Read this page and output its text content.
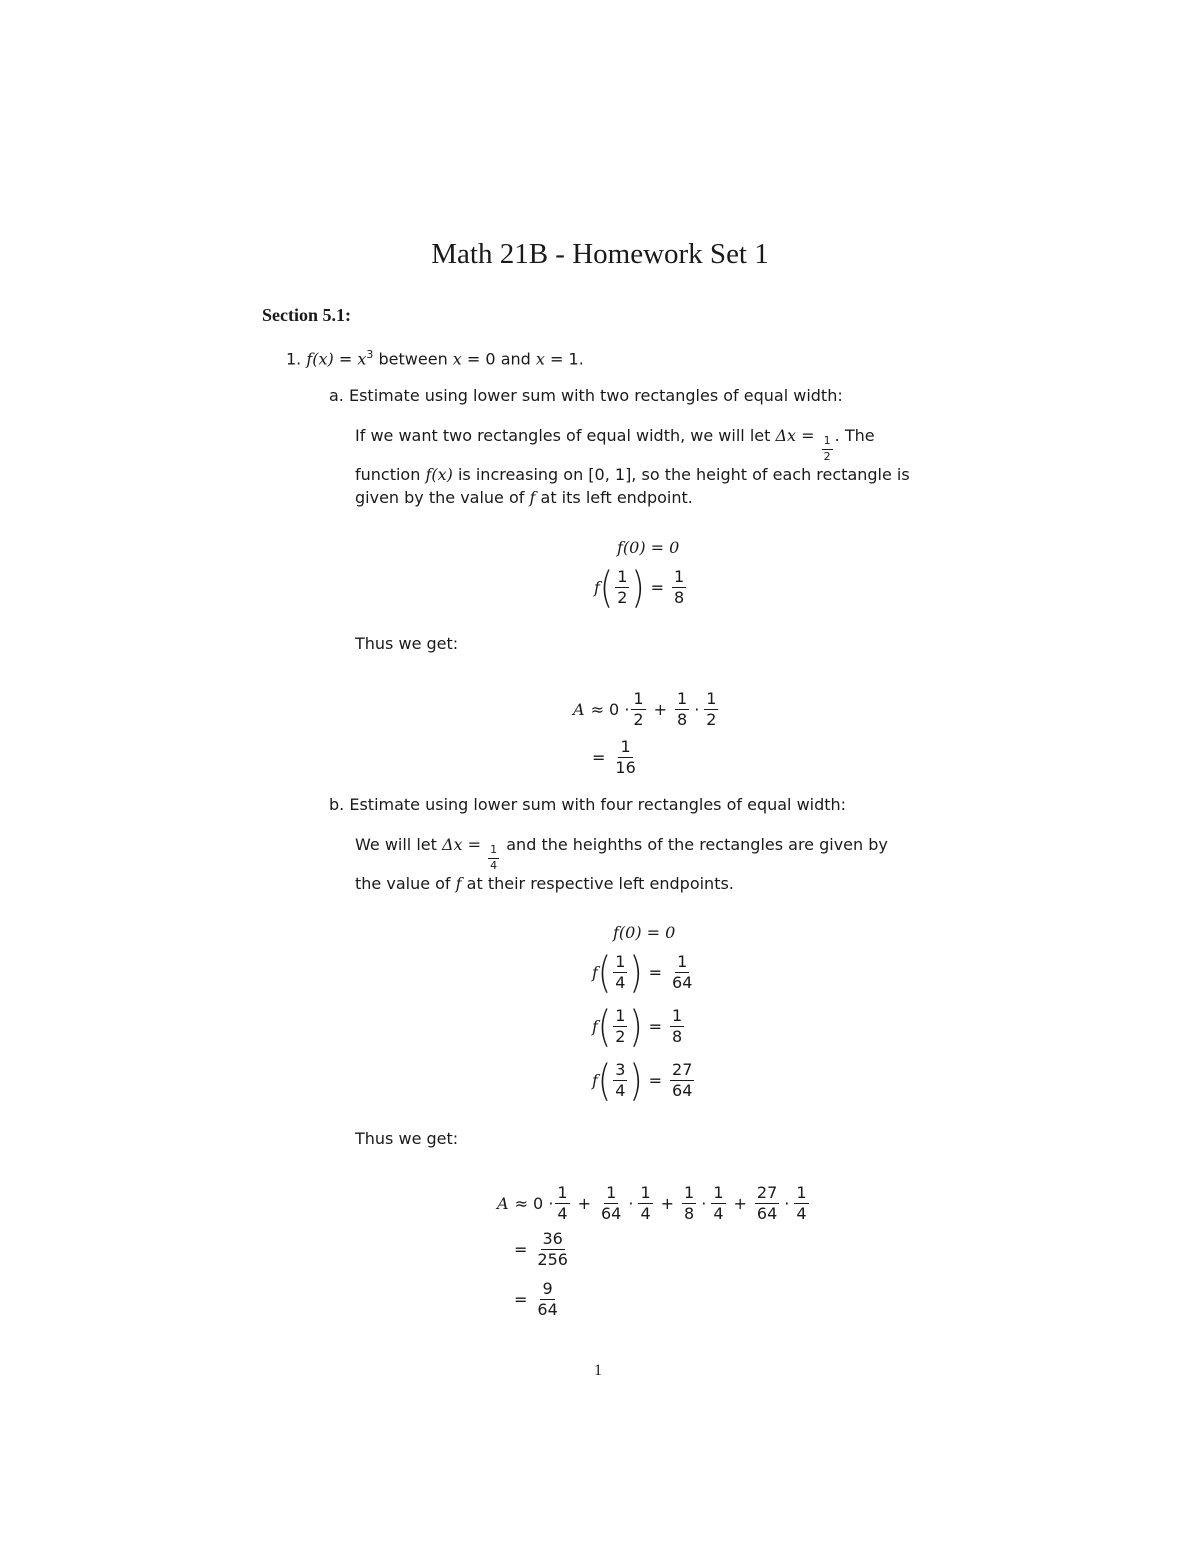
Math 21B - Homework Set 1
Section 5.1:
1. $f(x) = x^3$ between x = 0 and x = 1.
a. Estimate using lower sum with two rectangles of equal width:
If we want two rectangles of equal width, we will let $\Delta x = \frac{1}{2}$ . The
function f(x) is increasing on [0, 1], so the height of each rectangle is
given by the value of f at its left endpoint.
f(0) = 0
f ( $\frac{1}{2}$ ) = $\frac{1}{8}$
Thus we get:
$A \approx 0 \cdot \frac{1}{2} + \frac{1}{8} \cdot \frac{1}{2}$
= $\frac{1}{16}$
b. Estimate using lower sum with four rectangles of equal width:
We will let $\Delta x = \frac{1}{4}$ and the heighths of the rectangles are given by
the value of f at their respective left endpoints.
f(0) = 0
f ( $\frac{1}{4}$ ) = $\frac{1}{64}$
f ( $\frac{1}{2}$ ) = $\frac{1}{8}$
f ( $\frac{3}{4}$ ) = $\frac{27}{64}$
Thus we get:
$A \approx 0 \cdot \frac{1}{4} + \frac{1}{64} \cdot \frac{1}{4} + \frac{1}{8} \cdot \frac{1}{4} + \frac{27}{64} \cdot \frac{1}{4}$
= $\frac{36}{256}$
= $\frac{9}{64}$
1
